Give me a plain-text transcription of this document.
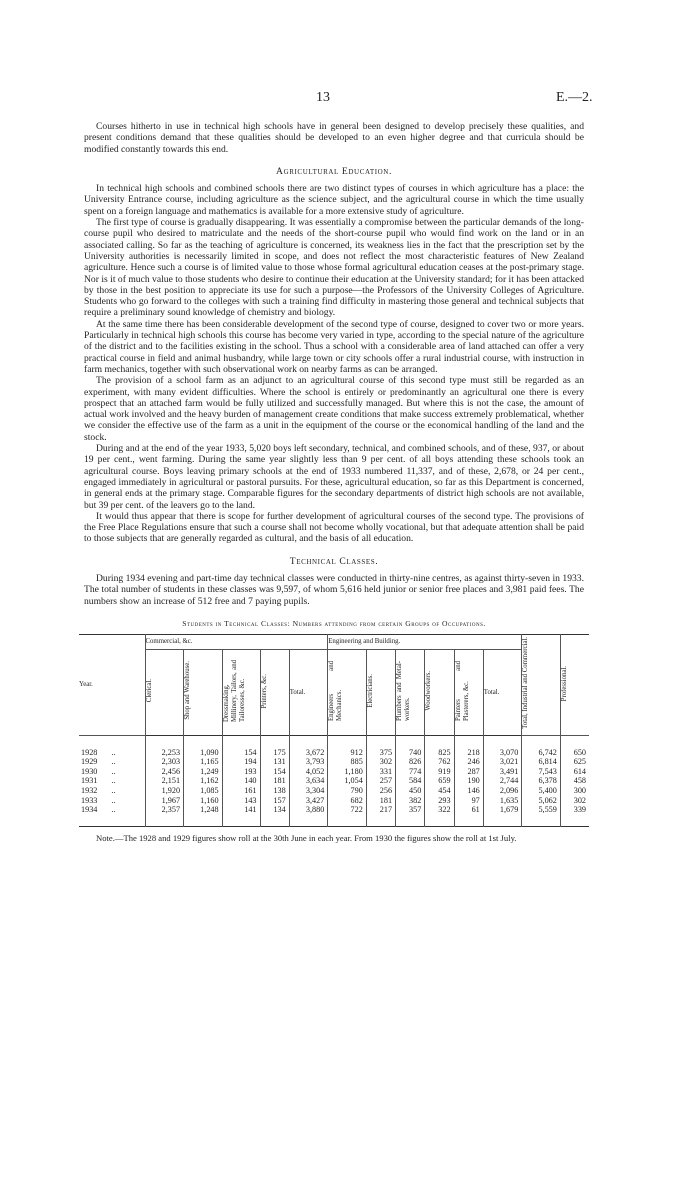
13	E.—2.

Courses hitherto in use in technical high schools have in general been designed to develop precisely these qualities, and present conditions demand that these qualities should be developed to an even higher degree and that curricula should be modified constantly towards this end.

Agricultural Education.

In technical high schools and combined schools there are two distinct types of courses in which agriculture has a place: the University Entrance course, including agriculture as the science subject, and the agricultural course in which the time usually spent on a foreign language and mathematics is available for a more extensive study of agriculture.

The first type of course is gradually disappearing. It was essentially a compromise between the particular demands of the long-course pupil who desired to matriculate and the needs of the short-course pupil who would find work on the land or in an associated calling. So far as the teaching of agriculture is concerned, its weakness lies in the fact that the prescription set by the University authorities is necessarily limited in scope, and does not reflect the most characteristic features of New Zealand agriculture. Hence such a course is of limited value to those whose formal agricultural education ceases at the post-primary stage. Nor is it of much value to those students who desire to continue their education at the University standard; for it has been attacked by those in the best position to appreciate its use for such a purpose—the Professors of the University Colleges of Agriculture. Students who go forward to the colleges with such a training find difficulty in mastering those general and technical subjects that require a preliminary sound knowledge of chemistry and biology.

At the same time there has been considerable development of the second type of course, designed to cover two or more years. Particularly in technical high schools this course has become very varied in type, according to the special nature of the agriculture of the district and to the facilities existing in the school. Thus a school with a considerable area of land attached can offer a very practical course in field and animal husbandry, while large town or city schools offer a rural industrial course, with instruction in farm mechanics, together with such observational work on nearby farms as can be arranged.

The provision of a school farm as an adjunct to an agricultural course of this second type must still be regarded as an experiment, with many evident difficulties. Where the school is entirely or predominantly an agricultural one there is every prospect that an attached farm would be fully utilized and successfully managed. But where this is not the case, the amount of actual work involved and the heavy burden of management create conditions that make success extremely problematical, whether we consider the effective use of the farm as a unit in the equipment of the course or the economical handling of the land and the stock.

During and at the end of the year 1933, 5,020 boys left secondary, technical, and combined schools, and of these, 937, or about 19 per cent., went farming. During the same year slightly less than 9 per cent. of all boys attending these schools took an agricultural course. Boys leaving primary schools at the end of 1933 numbered 11,337, and of these, 2,678, or 24 per cent., engaged immediately in agricultural or pastoral pursuits. For these, agricultural education, so far as this Department is concerned, in general ends at the primary stage. Comparable figures for the secondary departments of district high schools are not available, but 39 per cent. of the leavers go to the land.

It would thus appear that there is scope for further development of agricultural courses of the second type. The provisions of the Free Place Regulations ensure that such a course shall not become wholly vocational, but that adequate attention shall be paid to those subjects that are generally regarded as cultural, and the basis of all education.

Technical Classes.

During 1934 evening and part-time day technical classes were conducted in thirty-nine centres, as against thirty-seven in 1933. The total number of students in these classes was 9,597, of whom 5,616 held junior or senior free places and 3,981 paid fees. The numbers show an increase of 512 free and 7 paying pupils.

Students in Technical Classes: Numbers attending from certain Groups of Occupations.
Year.	Commercial, &c.					Engineering and Building.						Total, Industrial and Commercial.	Professional.
	Clerical.	Shop and Warehouse.	Dressmaking, Millinery, Tailors, and Tailoresses, &c.	Printers, &c.	Total.	Engineers and Mechanics.	Electricians.	Plumbers and Metal-workers.	Woodworkers.	Painters and Plasterers, &c.	Total.		

1928 ..	2,253	1,090	154	175	3,672	912	375	740	825	218	3,070	6,742	650
1929 ..	2,303	1,165	194	131	3,793	885	302	826	762	246	3,021	6,814	625
1930 ..	2,456	1,249	193	154	4,052	1,180	331	774	919	287	3,491	7,543	614
1931 ..	2,151	1,162	140	181	3,634	1,054	257	584	659	190	2,744	6,378	458
1932 ..	1,920	1,085	161	138	3,304	790	256	450	454	146	2,096	5,400	300
1933 ..	1,967	1,160	143	157	3,427	682	181	382	293	97	1,635	5,062	302
1934 ..	2,357	1,248	141	134	3,880	722	217	357	322	61	1,679	5,559	339

Note.—The 1928 and 1929 figures show roll at the 30th June in each year. From 1930 the figures show the roll at 1st July.
